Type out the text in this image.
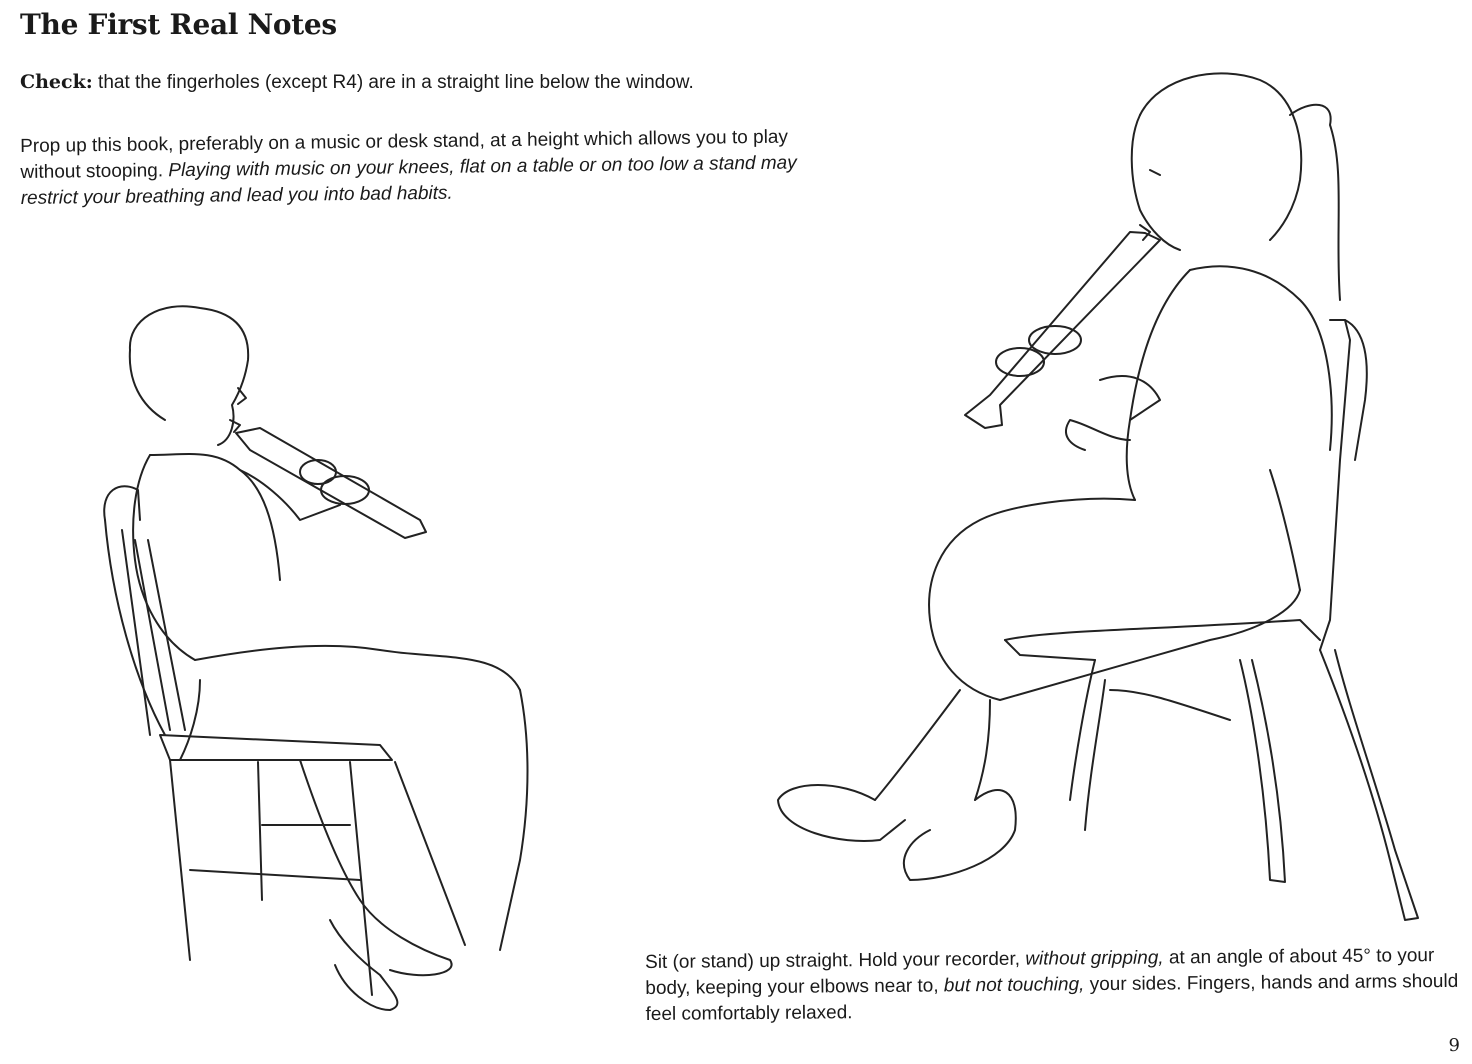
The First Real Notes
Check: that the fingerholes (except R4) are in a straight line below the window.
Prop up this book, preferably on a music or desk stand, at a height which allows you to play without stooping. Playing with music on your knees, flat on a table or on too low a stand may restrict your breathing and lead you into bad habits.
Sit (or stand) up straight. Hold your recorder, without gripping, at an angle of about 45° to your body, keeping your elbows near to, but not touching, your sides. Fingers, hands and arms should feel comfortably relaxed.
9
